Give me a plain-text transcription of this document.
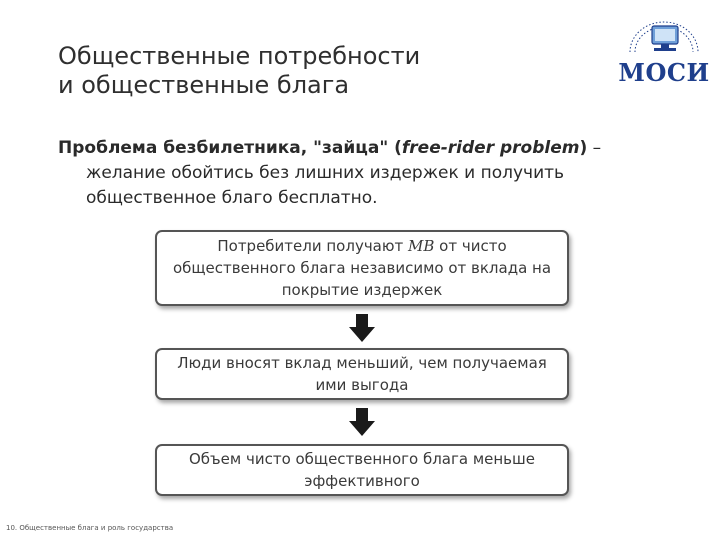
Общественные потребности
и общественные блага	МОСИ
Проблема безбилетника, "зайца" (free-rider problem) –
желание обойтись без лишних издержек и получить
общественное благо бесплатно.
Потребители получают MB от чисто общественного блага независимо от вклада на покрытие издержек
Люди вносят вклад меньший, чем получаемая ими выгода
Объем чисто общественного блага меньше эффективного
10. Общественные блага и роль государства
